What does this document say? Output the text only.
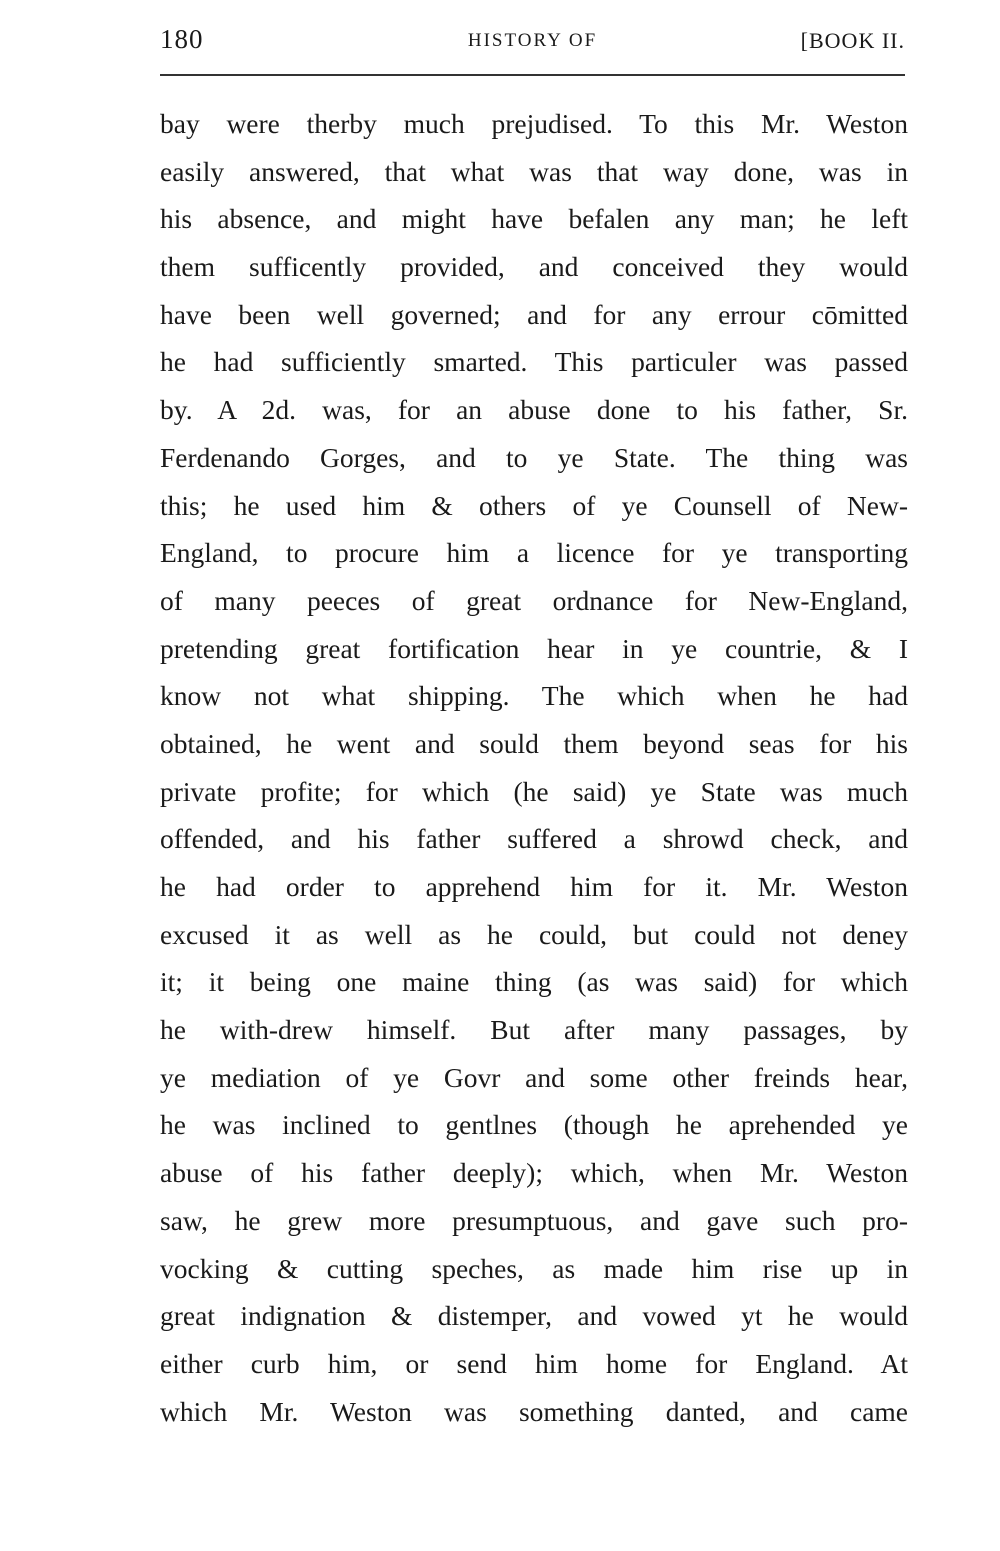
180	HISTORY OF	[BOOK II.
bay were therby much prejudised. To this Mr. Weston
easily answered, that what was that way done, was in
his absence, and might have befalen any man; he left
them sufficently provided, and conceived they would
have been well governed; and for any errour cōmitted
he had sufficiently smarted. This particuler was passed
by. A 2d. was, for an abuse done to his father, Sr.
Ferdenando Gorges, and to ye State. The thing was
this; he used him & others of ye Counsell of New-
England, to procure him a licence for ye transporting
of many peeces of great ordnance for New-England,
pretending great fortification hear in ye countrie, & I
know not what shipping. The which when he had
obtained, he went and sould them beyond seas for his
private profite; for which (he said) ye State was much
offended, and his father suffered a shrowd check, and
he had order to apprehend him for it. Mr. Weston
excused it as well as he could, but could not deney
it; it being one maine thing (as was said) for which
he with-drew himself. But after many passages, by
ye mediation of ye Govr and some other freinds hear,
he was inclined to gentlnes (though he aprehended ye
abuse of his father deeply); which, when Mr. Weston
saw, he grew more presumptuous, and gave such pro-
vocking & cutting speches, as made him rise up in
great indignation & distemper, and vowed yt he would
either curb him, or send him home for England. At
which Mr. Weston was something danted, and came
